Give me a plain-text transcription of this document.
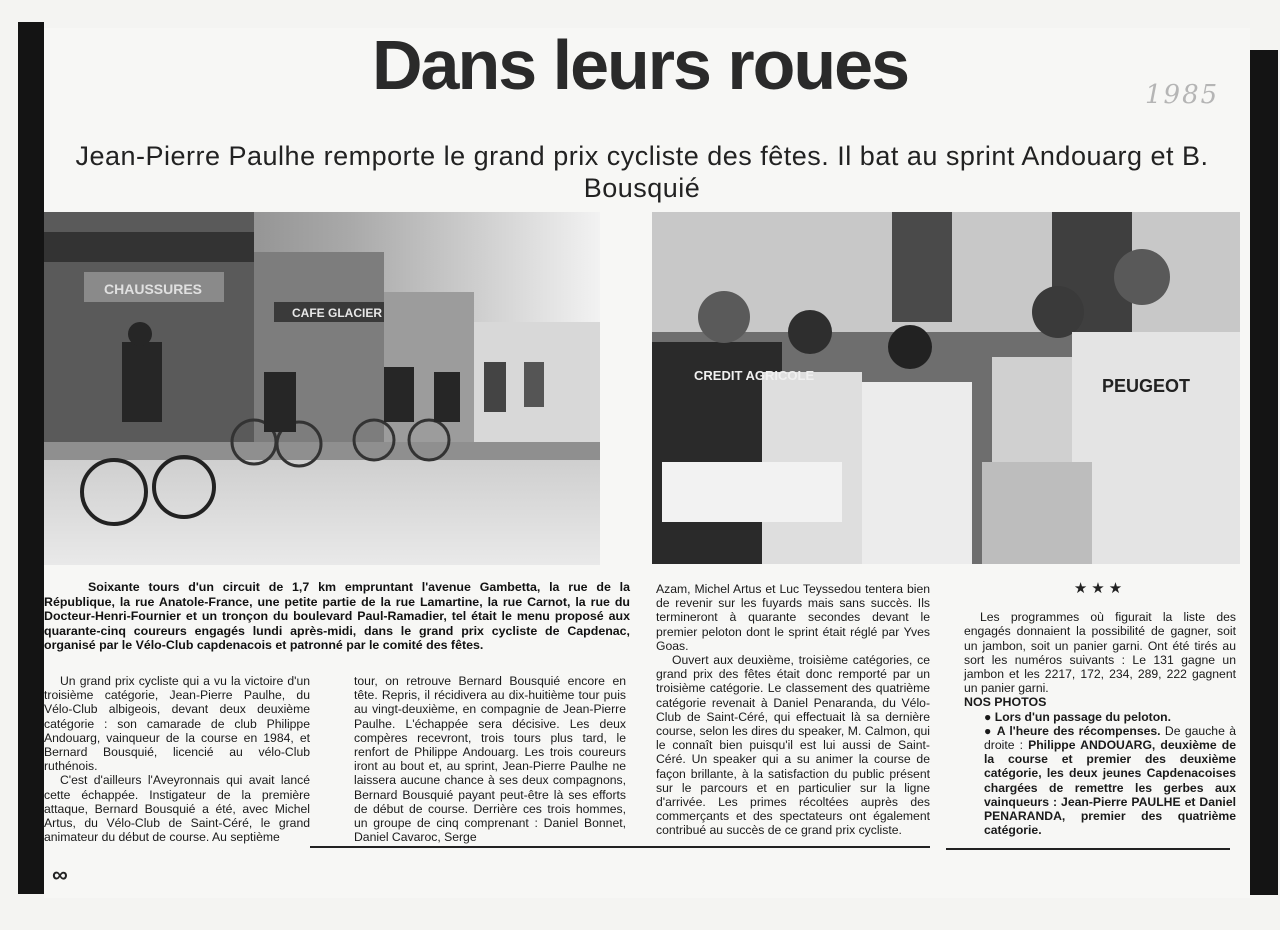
Dans leurs roues	1985
Jean-Pierre Paulhe remporte le grand prix cycliste des fêtes. Il bat au sprint Andouarg et B. Bousquié
CHAUSSURES
CAFE GLACIER
CREDIT AGRICOLE
PEUGEOT
Soixante tours d'un circuit de 1,7 km empruntant l'avenue Gambetta, la rue de la République, la rue Anatole-France, une petite partie de la rue Lamartine, la rue Carnot, la rue du Docteur-Henri-Fournier et un tronçon du boulevard Paul-Ramadier, tel était le menu proposé aux quarante-cinq coureurs engagés lundi après-midi, dans le grand prix cycliste de Capdenac, organisé par le Vélo-Club capdenacois et patronné par le comité des fêtes.

Un grand prix cycliste qui a vu la victoire d'un troisième catégorie, Jean-Pierre Paulhe, du Vélo-Club albigeois, devant deux deuxième catégorie : son camarade de club Philippe Andouarg, vainqueur de la course en 1984, et Bernard Bousquié, licencié au vélo-Club ruthénois.

C'est d'ailleurs l'Aveyronnais qui avait lancé cette échappée. Instigateur de la première attaque, Bernard Bousquié a été, avec Michel Artus, du Vélo-Club de Saint-Céré, le grand animateur du début de course. Au septième

tour, on retrouve Bernard Bousquié encore en tête. Repris, il récidivera au dix-huitième tour puis au vingt-deuxième, en compagnie de Jean-Pierre Paulhe. L'échappée sera décisive. Les deux compères recevront, trois tours plus tard, le renfort de Philippe Andouarg. Les trois coureurs iront au bout et, au sprint, Jean-Pierre Paulhe ne laissera aucune chance à ses deux compagnons, Bernard Bousquié payant peut-être là ses efforts de début de course. Derrière ces trois hommes, un groupe de cinq comprenant : Daniel Bonnet, Daniel Cavaroc, Serge

Azam, Michel Artus et Luc Teyssedou tentera bien de revenir sur les fuyards mais sans succès. Ils termineront à quarante secondes devant le premier peloton dont le sprint était réglé par Yves Goas.

Ouvert aux deuxième, troisième catégories, ce grand prix des fêtes était donc remporté par un troisième catégorie. Le classement des quatrième catégorie revenait à Daniel Penaranda, du Vélo-Club de Saint-Céré, qui effectuait là sa dernière course, selon les dires du speaker, M. Calmon, qui le connaît bien puisqu'il est lui aussi de Saint-Céré. Un speaker qui a su animer la course de façon brillante, à la satisfaction du public présent sur le parcours et en particulier sur la ligne d'arrivée. Les primes récoltées auprès des commerçants et des spectateurs ont également contribué au succès de ce grand prix cycliste.

★★★

Les programmes où figurait la liste des engagés donnaient la possibilité de gagner, soit un jambon, soit un panier garni. Ont été tirés au sort les numéros suivants : Le 131 gagne un jambon et les 2217, 172, 234, 289, 222 gagnent un panier garni.

NOS PHOTOS

● Lors d'un passage du peloton.

● A l'heure des récompenses. De gauche à droite : Philippe ANDOUARG, deuxième de la course et premier des deuxième catégorie, les deux jeunes Capdenacoises chargées de remettre les gerbes aux vainqueurs : Jean-Pierre PAULHE et Daniel PENARANDA, premier des quatrième catégorie.

∞
